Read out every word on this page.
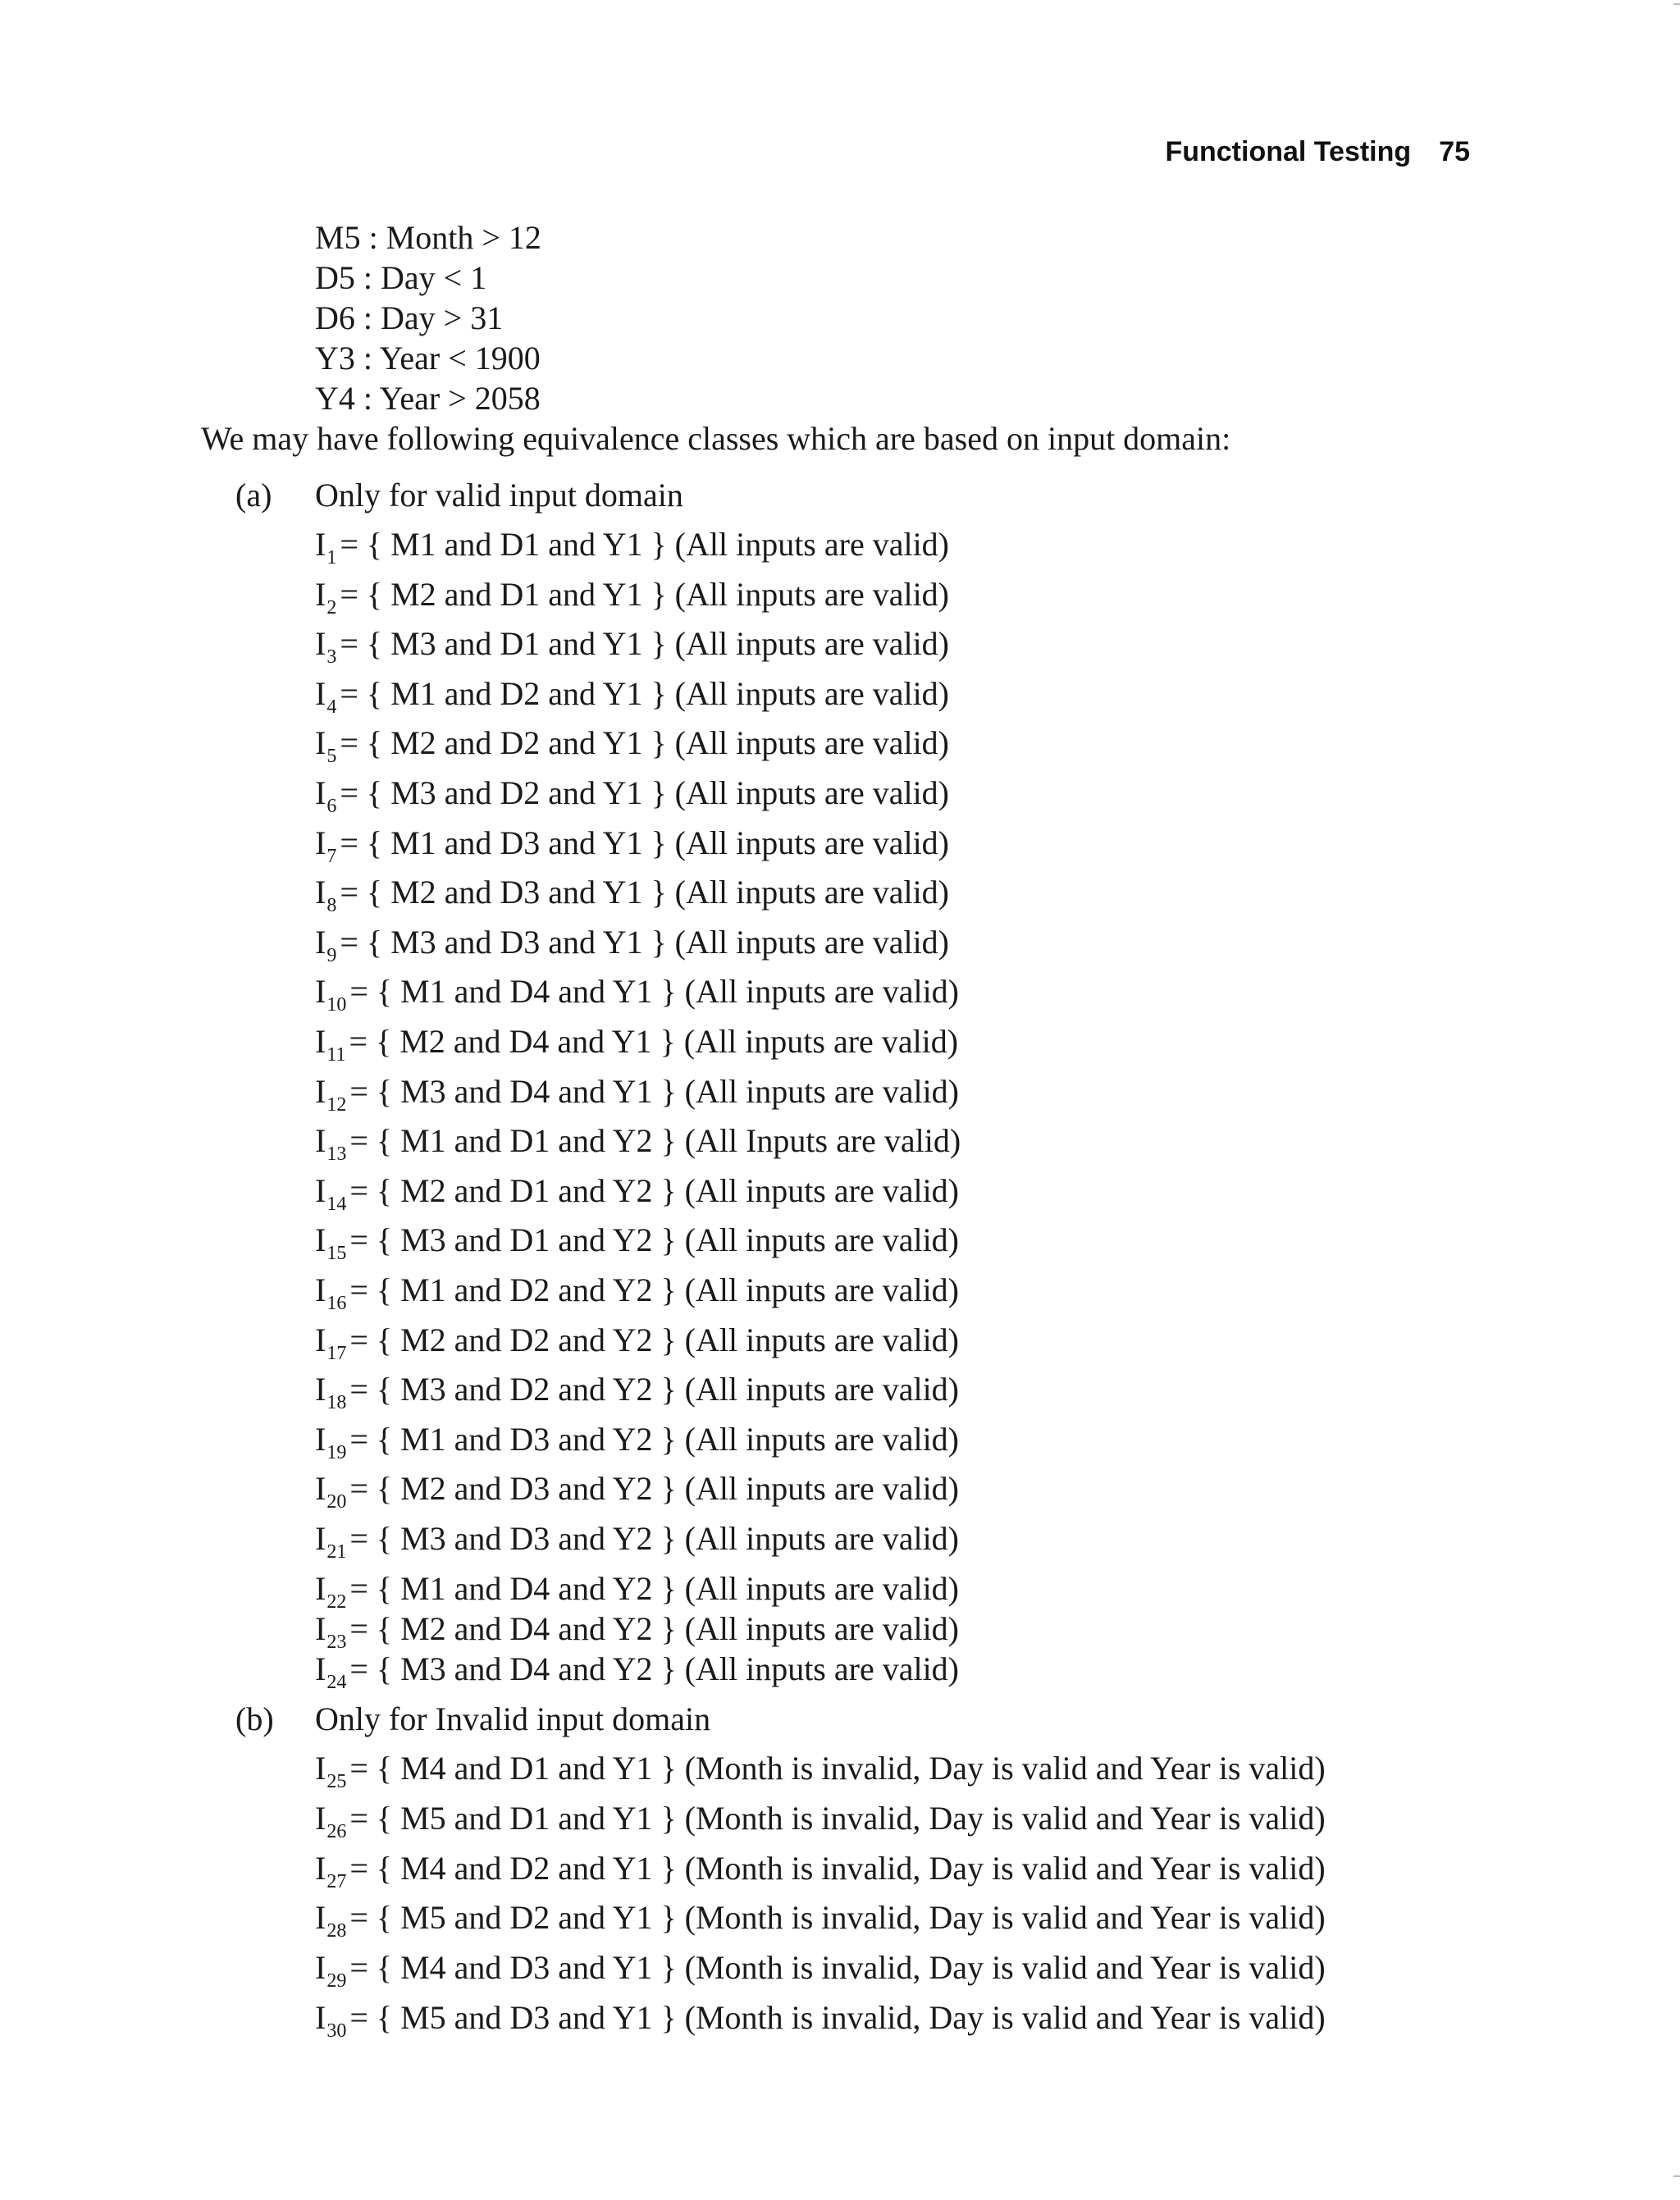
Functional Testing 75
M5 : Month > 12
D5 : Day < 1
D6 : Day > 31
Y3 : Year < 1900
Y4 : Year > 2058
We may have following equivalence classes which are based on input domain:
(a) Only for valid input domain
$I_1$ = { M1 and D1 and Y1 } (All inputs are valid)
$I_2$ = { M2 and D1 and Y1 } (All inputs are valid)
$I_3$ = { M3 and D1 and Y1 } (All inputs are valid)
$I_4$ = { M1 and D2 and Y1 } (All inputs are valid)
$I_5$ = { M2 and D2 and Y1 } (All inputs are valid)
$I_6$ = { M3 and D2 and Y1 } (All inputs are valid)
$I_7$ = { M1 and D3 and Y1 } (All inputs are valid)
$I_8$ = { M2 and D3 and Y1 } (All inputs are valid)
$I_9$ = { M3 and D3 and Y1 } (All inputs are valid)
$I_{10}$ = { M1 and D4 and Y1 } (All inputs are valid)
$I_{11}$ = { M2 and D4 and Y1 } (All inputs are valid)
$I_{12}$ = { M3 and D4 and Y1 } (All inputs are valid)
$I_{13}$ = { M1 and D1 and Y2 } (All Inputs are valid)
$I_{14}$ = { M2 and D1 and Y2 } (All inputs are valid)
$I_{15}$ = { M3 and D1 and Y2 } (All inputs are valid)
$I_{16}$ = { M1 and D2 and Y2 } (All inputs are valid)
$I_{17}$ = { M2 and D2 and Y2 } (All inputs are valid)
$I_{18}$ = { M3 and D2 and Y2 } (All inputs are valid)
$I_{19}$ = { M1 and D3 and Y2 } (All inputs are valid)
$I_{20}$ = { M2 and D3 and Y2 } (All inputs are valid)
$I_{21}$ = { M3 and D3 and Y2 } (All inputs are valid)
$I_{22}$ = { M1 and D4 and Y2 } (All inputs are valid)
$I_{23}$ = { M2 and D4 and Y2 } (All inputs are valid)
$I_{24}$ = { M3 and D4 and Y2 } (All inputs are valid)
(b) Only for Invalid input domain
$I_{25}$ = { M4 and D1 and Y1 } (Month is invalid, Day is valid and Year is valid)
$I_{26}$ = { M5 and D1 and Y1 } (Month is invalid, Day is valid and Year is valid)
$I_{27}$ = { M4 and D2 and Y1 } (Month is invalid, Day is valid and Year is valid)
$I_{28}$ = { M5 and D2 and Y1 } (Month is invalid, Day is valid and Year is valid)
$I_{29}$ = { M4 and D3 and Y1 } (Month is invalid, Day is valid and Year is valid)
$I_{30}$ = { M5 and D3 and Y1 } (Month is invalid, Day is valid and Year is valid)
